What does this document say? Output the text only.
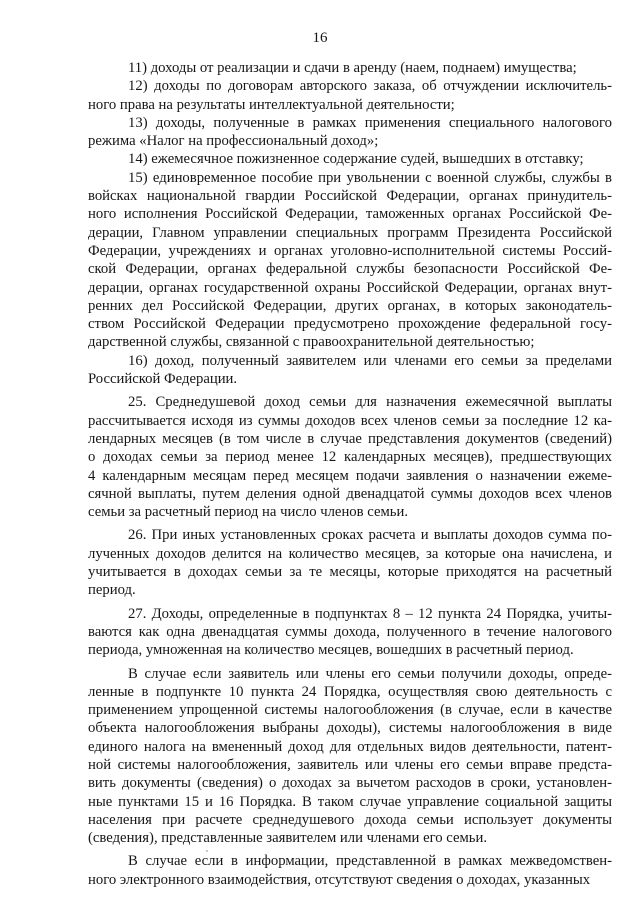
16
11) доходы от реализации и сдачи в аренду (наем, поднаем) имущества;
12) доходы по договорам авторского заказа, об отчуждении исключитель-
ного права на результаты интеллектуальной деятельности;
13) доходы, полученные в рамках применения специального налогового
режима «Налог на профессиональный доход»;
14) ежемесячное пожизненное содержание судей, вышедших в отставку;
15) единовременное пособие при увольнении с военной службы, службы в
войсках национальной гвардии Российской Федерации, органах принудитель-
ного исполнения Российской Федерации, таможенных органах Российской Фе-
дерации, Главном управлении специальных программ Президента Российской
Федерации, учреждениях и органах уголовно-исполнительной системы Россий-
ской Федерации, органах федеральной службы безопасности Российской Фе-
дерации, органах государственной охраны Российской Федерации, органах внут-
ренних дел Российской Федерации, других органах, в которых законодатель-
ством Российской Федерации предусмотрено прохождение федеральной госу-
дарственной службы, связанной с правоохранительной деятельностью;
16) доход, полученный заявителем или членами его семьи за пределами
Российской Федерации.
25. Среднедушевой доход семьи для назначения ежемесячной выплаты
рассчитывается исходя из суммы доходов всех членов семьи за последние 12 ка-
лендарных месяцев (в том числе в случае представления документов (сведений)
о доходах семьи за период менее 12 календарных месяцев), предшествующих
4 календарным месяцам перед месяцем подачи заявления о назначении ежеме-
сячной выплаты, путем деления одной двенадцатой суммы доходов всех членов
семьи за расчетный период на число членов семьи.
26. При иных установленных сроках расчета и выплаты доходов сумма по-
лученных доходов делится на количество месяцев, за которые она начислена, и
учитывается в доходах семьи за те месяцы, которые приходятся на расчетный
период.
27. Доходы, определенные в подпунктах 8 – 12 пункта 24 Порядка, учиты-
ваются как одна двенадцатая суммы дохода, полученного в течение налогового
периода, умноженная на количество месяцев, вошедших в расчетный период.
В случае если заявитель или члены его семьи получили доходы, опреде-
ленные в подпункте 10 пункта 24 Порядка, осуществляя свою деятельность с
применением упрощенной системы налогообложения (в случае, если в качестве
объекта налогообложения выбраны доходы), системы налогообложения в виде
единого налога на вмененный доход для отдельных видов деятельности, патент-
ной системы налогообложения, заявитель или члены его семьи вправе предста-
вить документы (сведения) о доходах за вычетом расходов в сроки, установлен-
ные пунктами 15 и 16 Порядка. В таком случае управление социальной защиты
населения при расчете среднедушевого дохода семьи использует документы
(сведения), представленные заявителем или членами его семьи.
В случае если в информации, представленной в рамках межведомствен-
ного электронного взаимодействия, отсутствуют сведения о доходах, указанных
